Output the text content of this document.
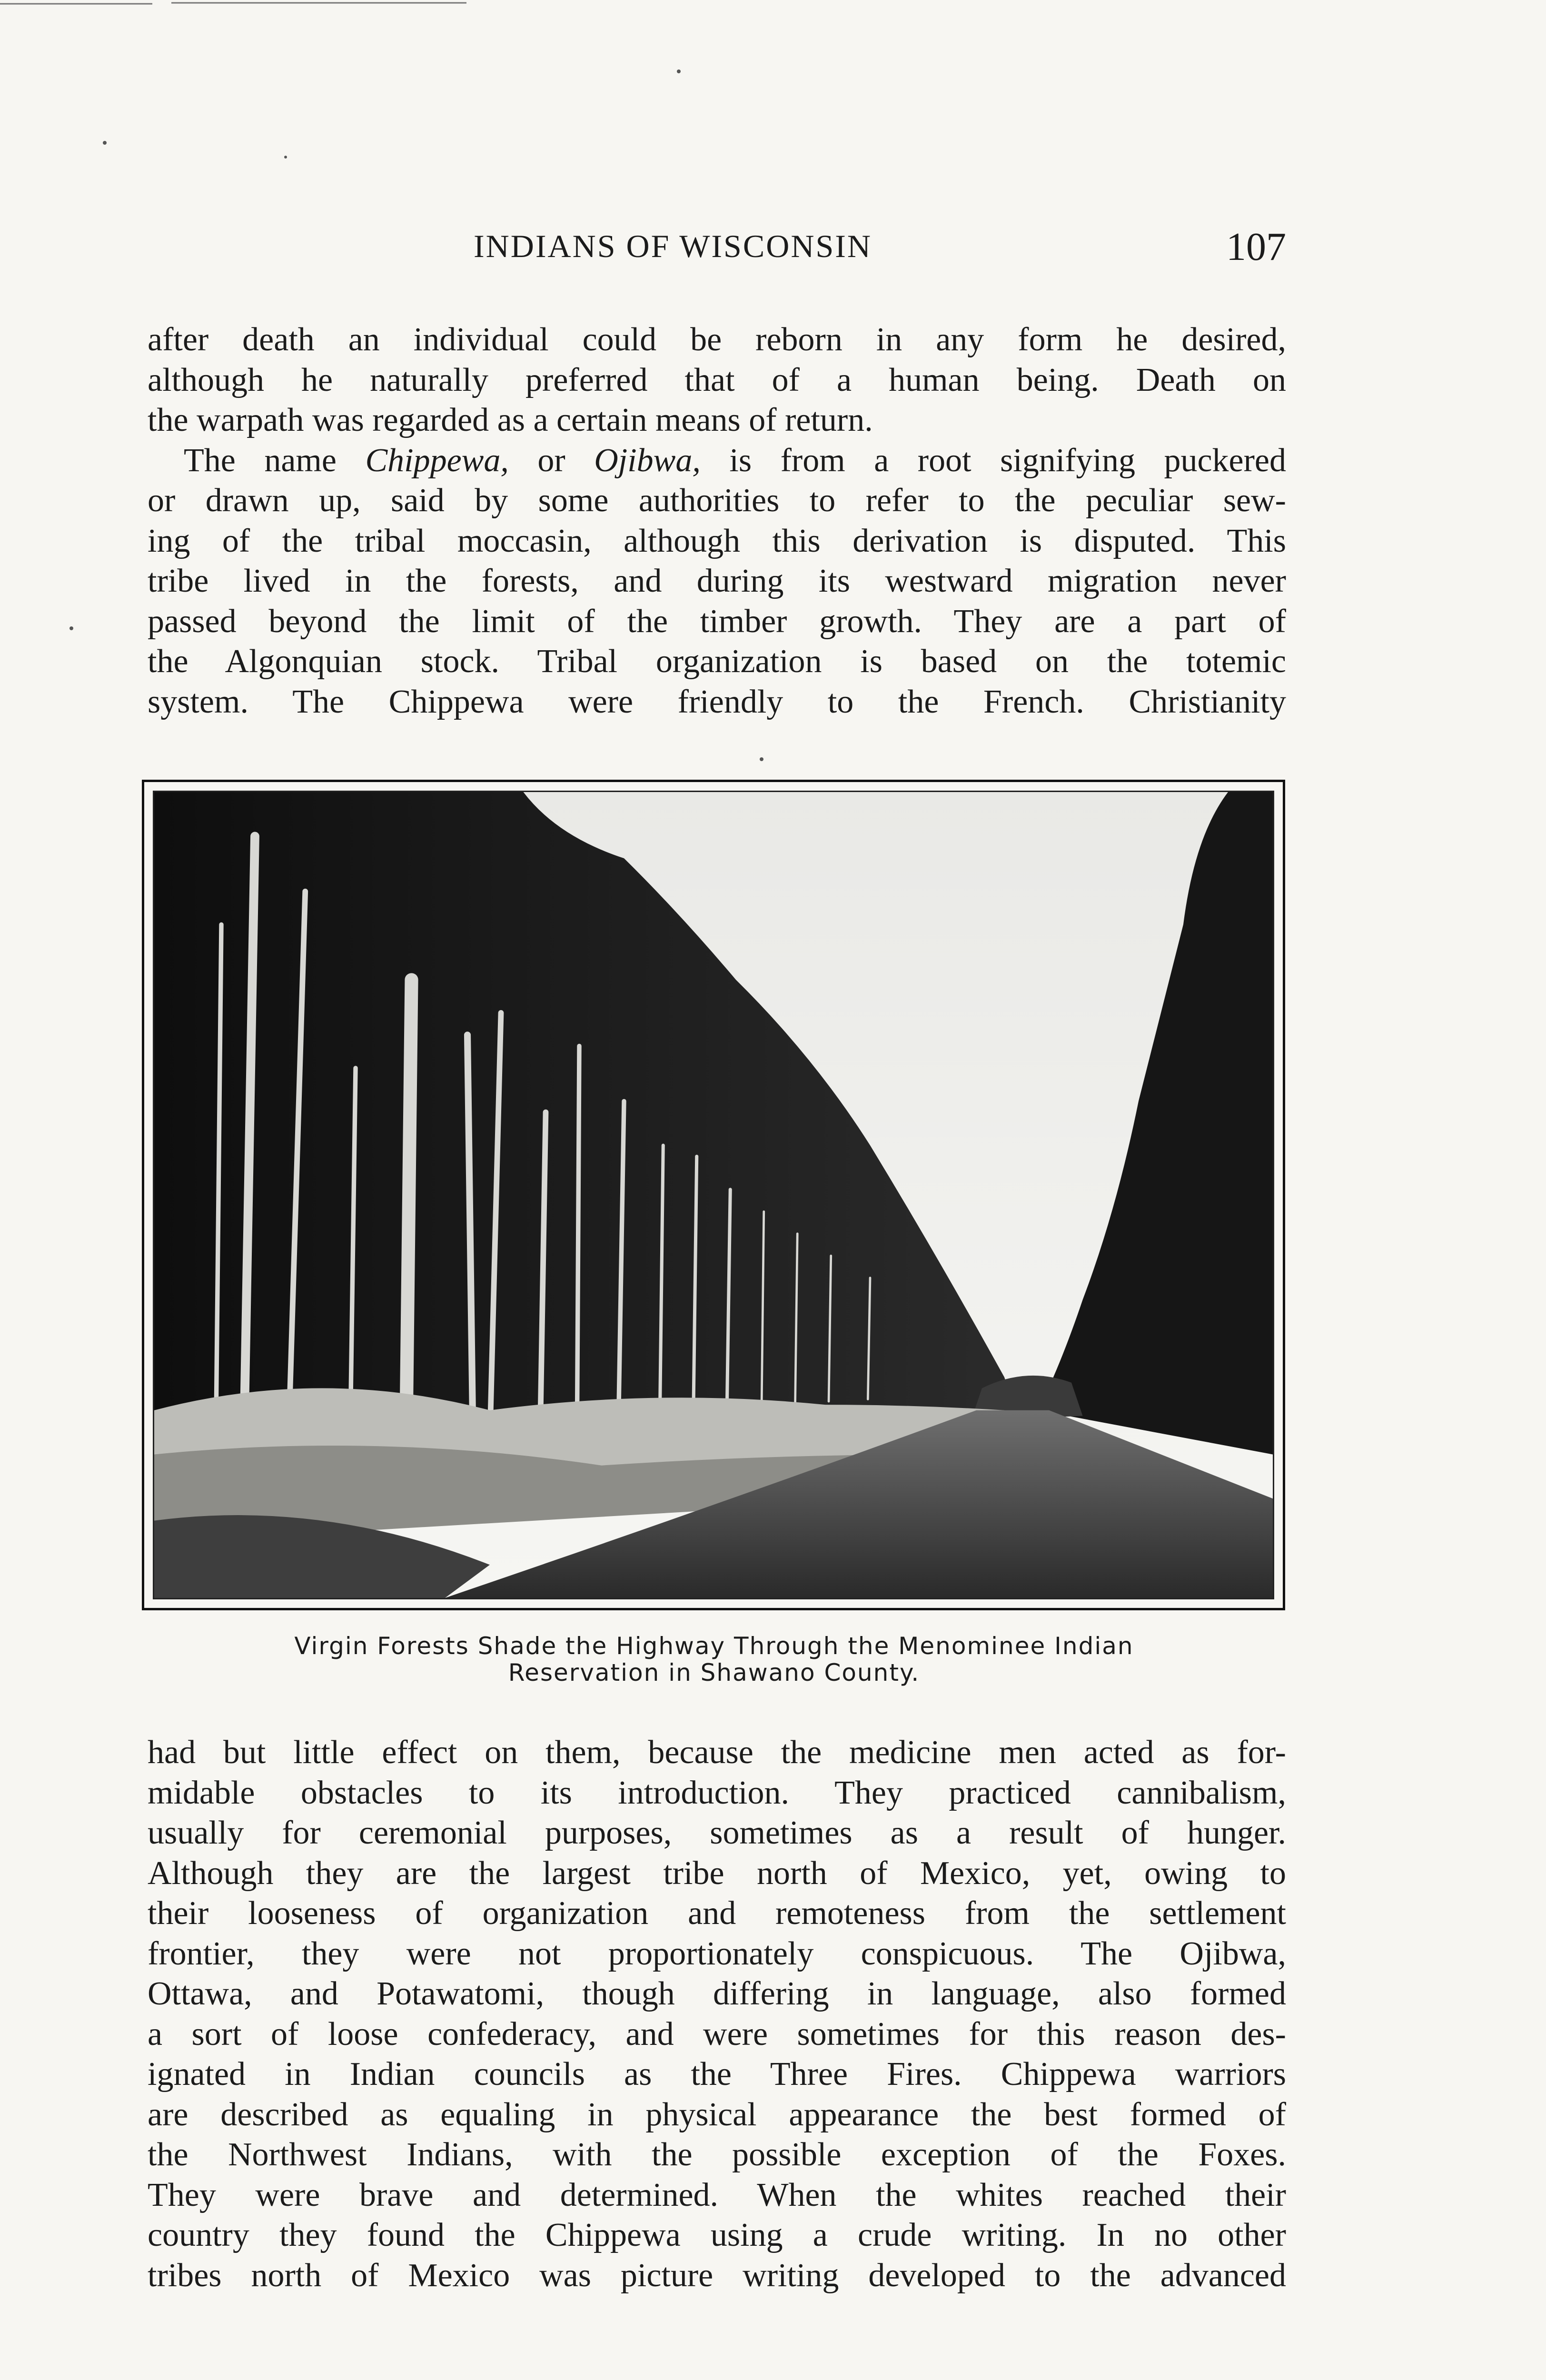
INDIANS OF WISCONSIN	107
after death an individual could be reborn in any form he desired,
although he naturally preferred that of a human being. Death on
the warpath was regarded as a certain means of return.
The name Chippewa, or Ojibwa, is from a root signifying puckered
or drawn up, said by some authorities to refer to the peculiar sew-
ing of the tribal moccasin, although this derivation is disputed. This
tribe lived in the forests, and during its westward migration never
passed beyond the limit of the timber growth. They are a part of
the Algonquian stock. Tribal organization is based on the totemic
system. The Chippewa were friendly to the French. Christianity
Virgin Forests Shade the Highway Through the Menominee Indian
Reservation in Shawano County.
had but little effect on them, because the medicine men acted as for-
midable obstacles to its introduction. They practiced cannibalism,
usually for ceremonial purposes, sometimes as a result of hunger.
Although they are the largest tribe north of Mexico, yet, owing to
their looseness of organization and remoteness from the settlement
frontier, they were not proportionately conspicuous. The Ojibwa,
Ottawa, and Potawatomi, though differing in language, also formed
a sort of loose confederacy, and were sometimes for this reason des-
ignated in Indian councils as the Three Fires. Chippewa warriors
are described as equaling in physical appearance the best formed of
the Northwest Indians, with the possible exception of the Foxes.
They were brave and determined. When the whites reached their
country they found the Chippewa using a crude writing. In no other
tribes north of Mexico was picture writing developed to the advanced
